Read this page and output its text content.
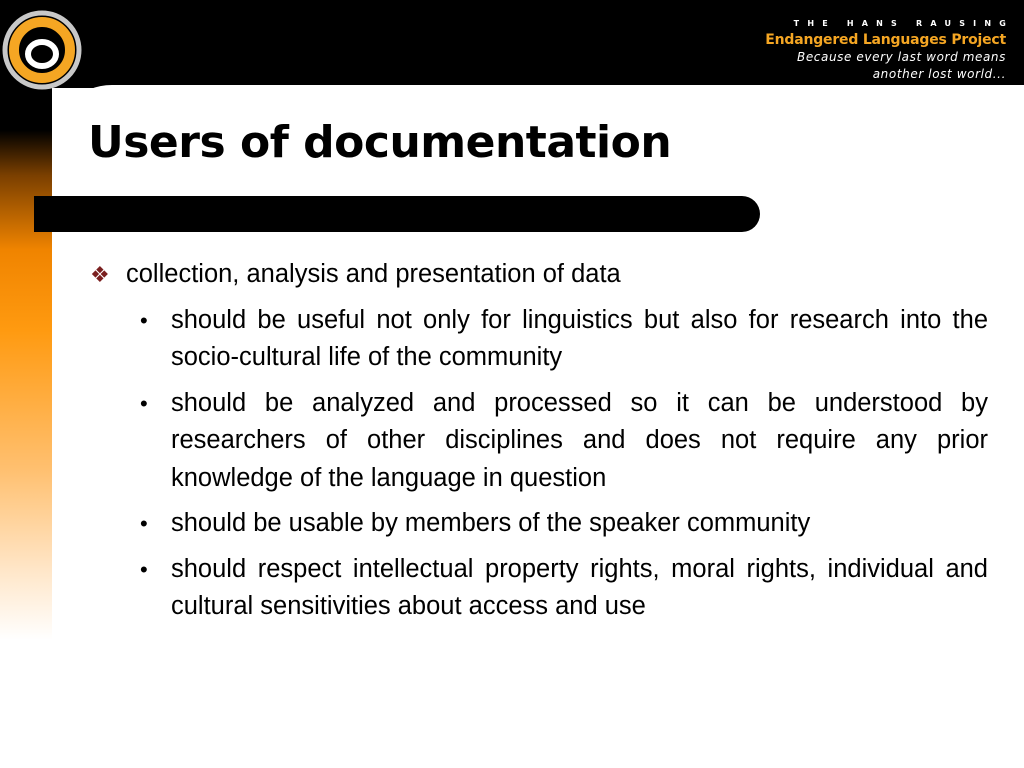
THE HANS RAUSING
Endangered Languages Project
Because every last word means
another lost world...
Users of documentation
❖ collection, analysis and presentation of data
• should be useful not only for linguistics but also for research into the socio-cultural life of the community
• should be analyzed and processed so it can be understood by researchers of other disciplines and does not require any prior knowledge of the language in question
• should be usable by members of the speaker community
• should respect intellectual property rights, moral rights, individual and cultural sensitivities about access and use
